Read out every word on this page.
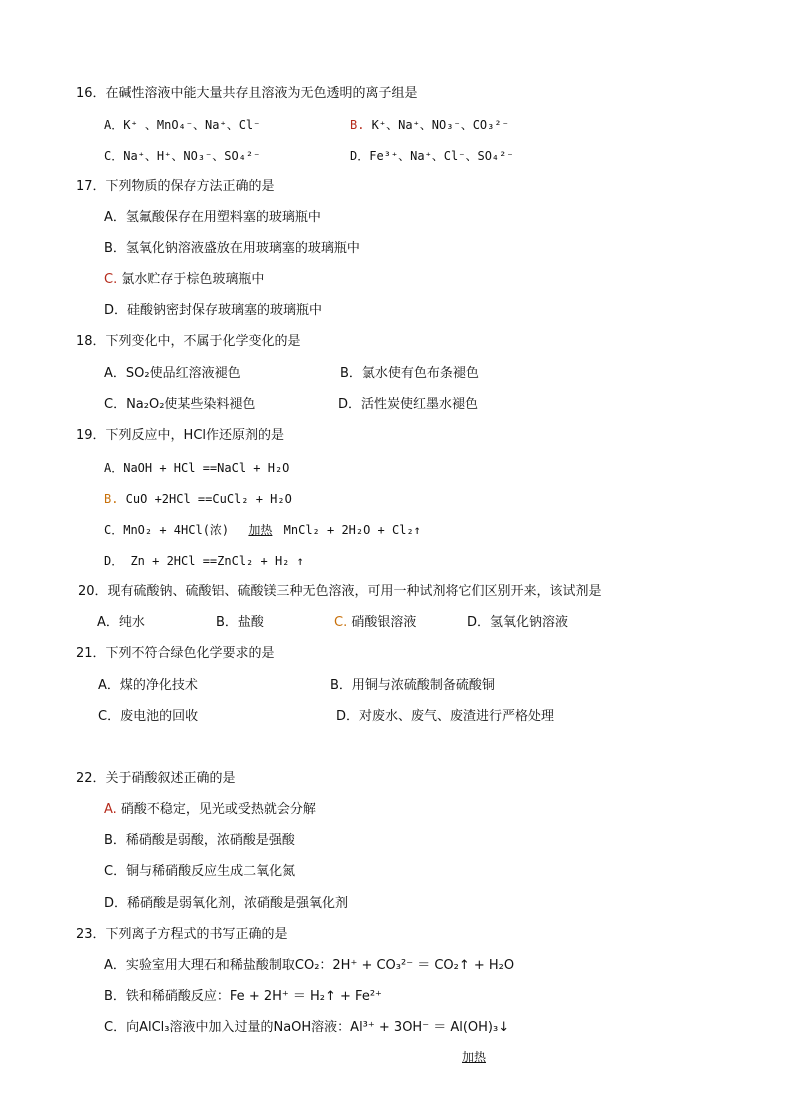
16．在碱性溶液中能大量共存且溶液为无色透明的离子组是
A．K⁺ 、MnO₄⁻、Na⁺、Cl⁻	B. K⁺、Na⁺、NO₃⁻、CO₃²⁻
C．Na⁺、H⁺、NO₃⁻、SO₄²⁻	D．Fe³⁺、Na⁺、Cl⁻、SO₄²⁻
17．下列物质的保存方法正确的是
A．氢氟酸保存在用塑料塞的玻璃瓶中
B．氢氧化钠溶液盛放在用玻璃塞的玻璃瓶中
C. 氯水贮存于棕色玻璃瓶中
D．硅酸钠密封保存玻璃塞的玻璃瓶中
18．下列变化中，不属于化学变化的是
A．SO₂使品红溶液褪色	B．氯水使有色布条褪色
C．Na₂O₂使某些染料褪色	D．活性炭使红墨水褪色
19．下列反应中，HCl作还原剂的是
A．NaOH + HCl ==NaCl + H₂O
B. CuO +2HCl ==CuCl₂ + H₂O
C．MnO₂ + 4HCl(浓) 加热 MnCl₂ + 2H₂O + Cl₂↑
D． Zn + 2HCl ==ZnCl₂ + H₂ ↑
20．现有硫酸钠、硫酸铝、硫酸镁三种无色溶液，可用一种试剂将它们区别开来，该试剂是
A．纯水	B．盐酸	C. 硝酸银溶液	D．氢氧化钠溶液
21．下列不符合绿色化学要求的是
A．煤的净化技术	B．用铜与浓硫酸制备硫酸铜
C．废电池的回收	D．对废水、废气、废渣进行严格处理
22．关于硝酸叙述正确的是
A. 硝酸不稳定，见光或受热就会分解
B．稀硝酸是弱酸，浓硝酸是强酸
C．铜与稀硝酸反应生成二氧化氮
D．稀硝酸是弱氧化剂，浓硝酸是强氧化剂
23．下列离子方程式的书写正确的是
A．实验室用大理石和稀盐酸制取CO₂：2H⁺ + CO₃²⁻ ＝ CO₂↑ + H₂O
B．铁和稀硝酸反应：Fe + 2H⁺ ＝ H₂↑ + Fe²⁺
C．向AlCl₃溶液中加入过量的NaOH溶液：Al³⁺ + 3OH⁻ ＝ Al(OH)₃↓
加热
